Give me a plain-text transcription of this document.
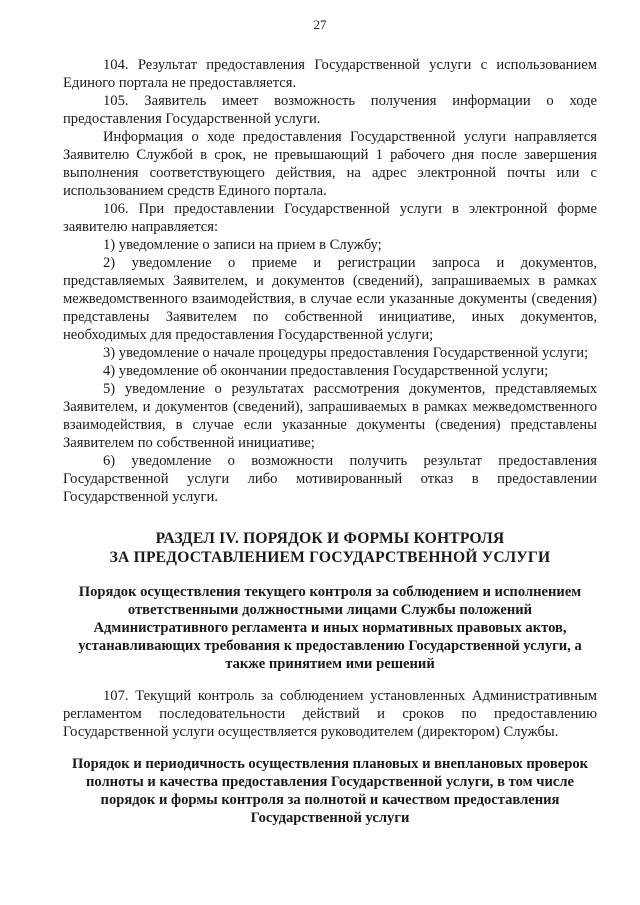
27

104. Результат предоставления Государственной услуги с использованием Единого портала не предоставляется.

105. Заявитель имеет возможность получения информации о ходе предоставления Государственной услуги.

Информация о ходе предоставления Государственной услуги направляется Заявителю Службой в срок, не превышающий 1 рабочего дня после завершения выполнения соответствующего действия, на адрес электронной почты или с использованием средств Единого портала.

106. При предоставлении Государственной услуги в электронной форме заявителю направляется:

1) уведомление о записи на прием в Службу;

2) уведомление о приеме и регистрации запроса и документов, представляемых Заявителем, и документов (сведений), запрашиваемых в рамках межведомственного взаимодействия, в случае если указанные документы (сведения) представлены Заявителем по собственной инициативе, иных документов, необходимых для предоставления Государственной услуги;

3) уведомление о начале процедуры предоставления Государственной услуги;

4) уведомление об окончании предоставления Государственной услуги;

5) уведомление о результатах рассмотрения документов, представляемых Заявителем, и документов (сведений), запрашиваемых в рамках межведомственного взаимодействия, в случае если указанные документы (сведения) представлены Заявителем по собственной инициативе;

6) уведомление о возможности получить результат предоставления Государственной услуги либо мотивированный отказ в предоставлении Государственной услуги.

РАЗДЕЛ IV. ПОРЯДОК И ФОРМЫ КОНТРОЛЯ
ЗА ПРЕДОСТАВЛЕНИЕМ ГОСУДАРСТВЕННОЙ УСЛУГИ
Порядок осуществления текущего контроля за соблюдением и исполнением ответственными должностными лицами Службы положений Административного регламента и иных нормативных правовых актов, устанавливающих требования к предоставлению Государственной услуги, а также принятием ими решений

107. Текущий контроль за соблюдением установленных Административным регламентом последовательности действий и сроков по предоставлению Государственной услуги осуществляется руководителем (директором) Службы.

Порядок и периодичность осуществления плановых и внеплановых проверок полноты и качества предоставления Государственной услуги, в том числе порядок и формы контроля за полнотой и качеством предоставления Государственной услуги
